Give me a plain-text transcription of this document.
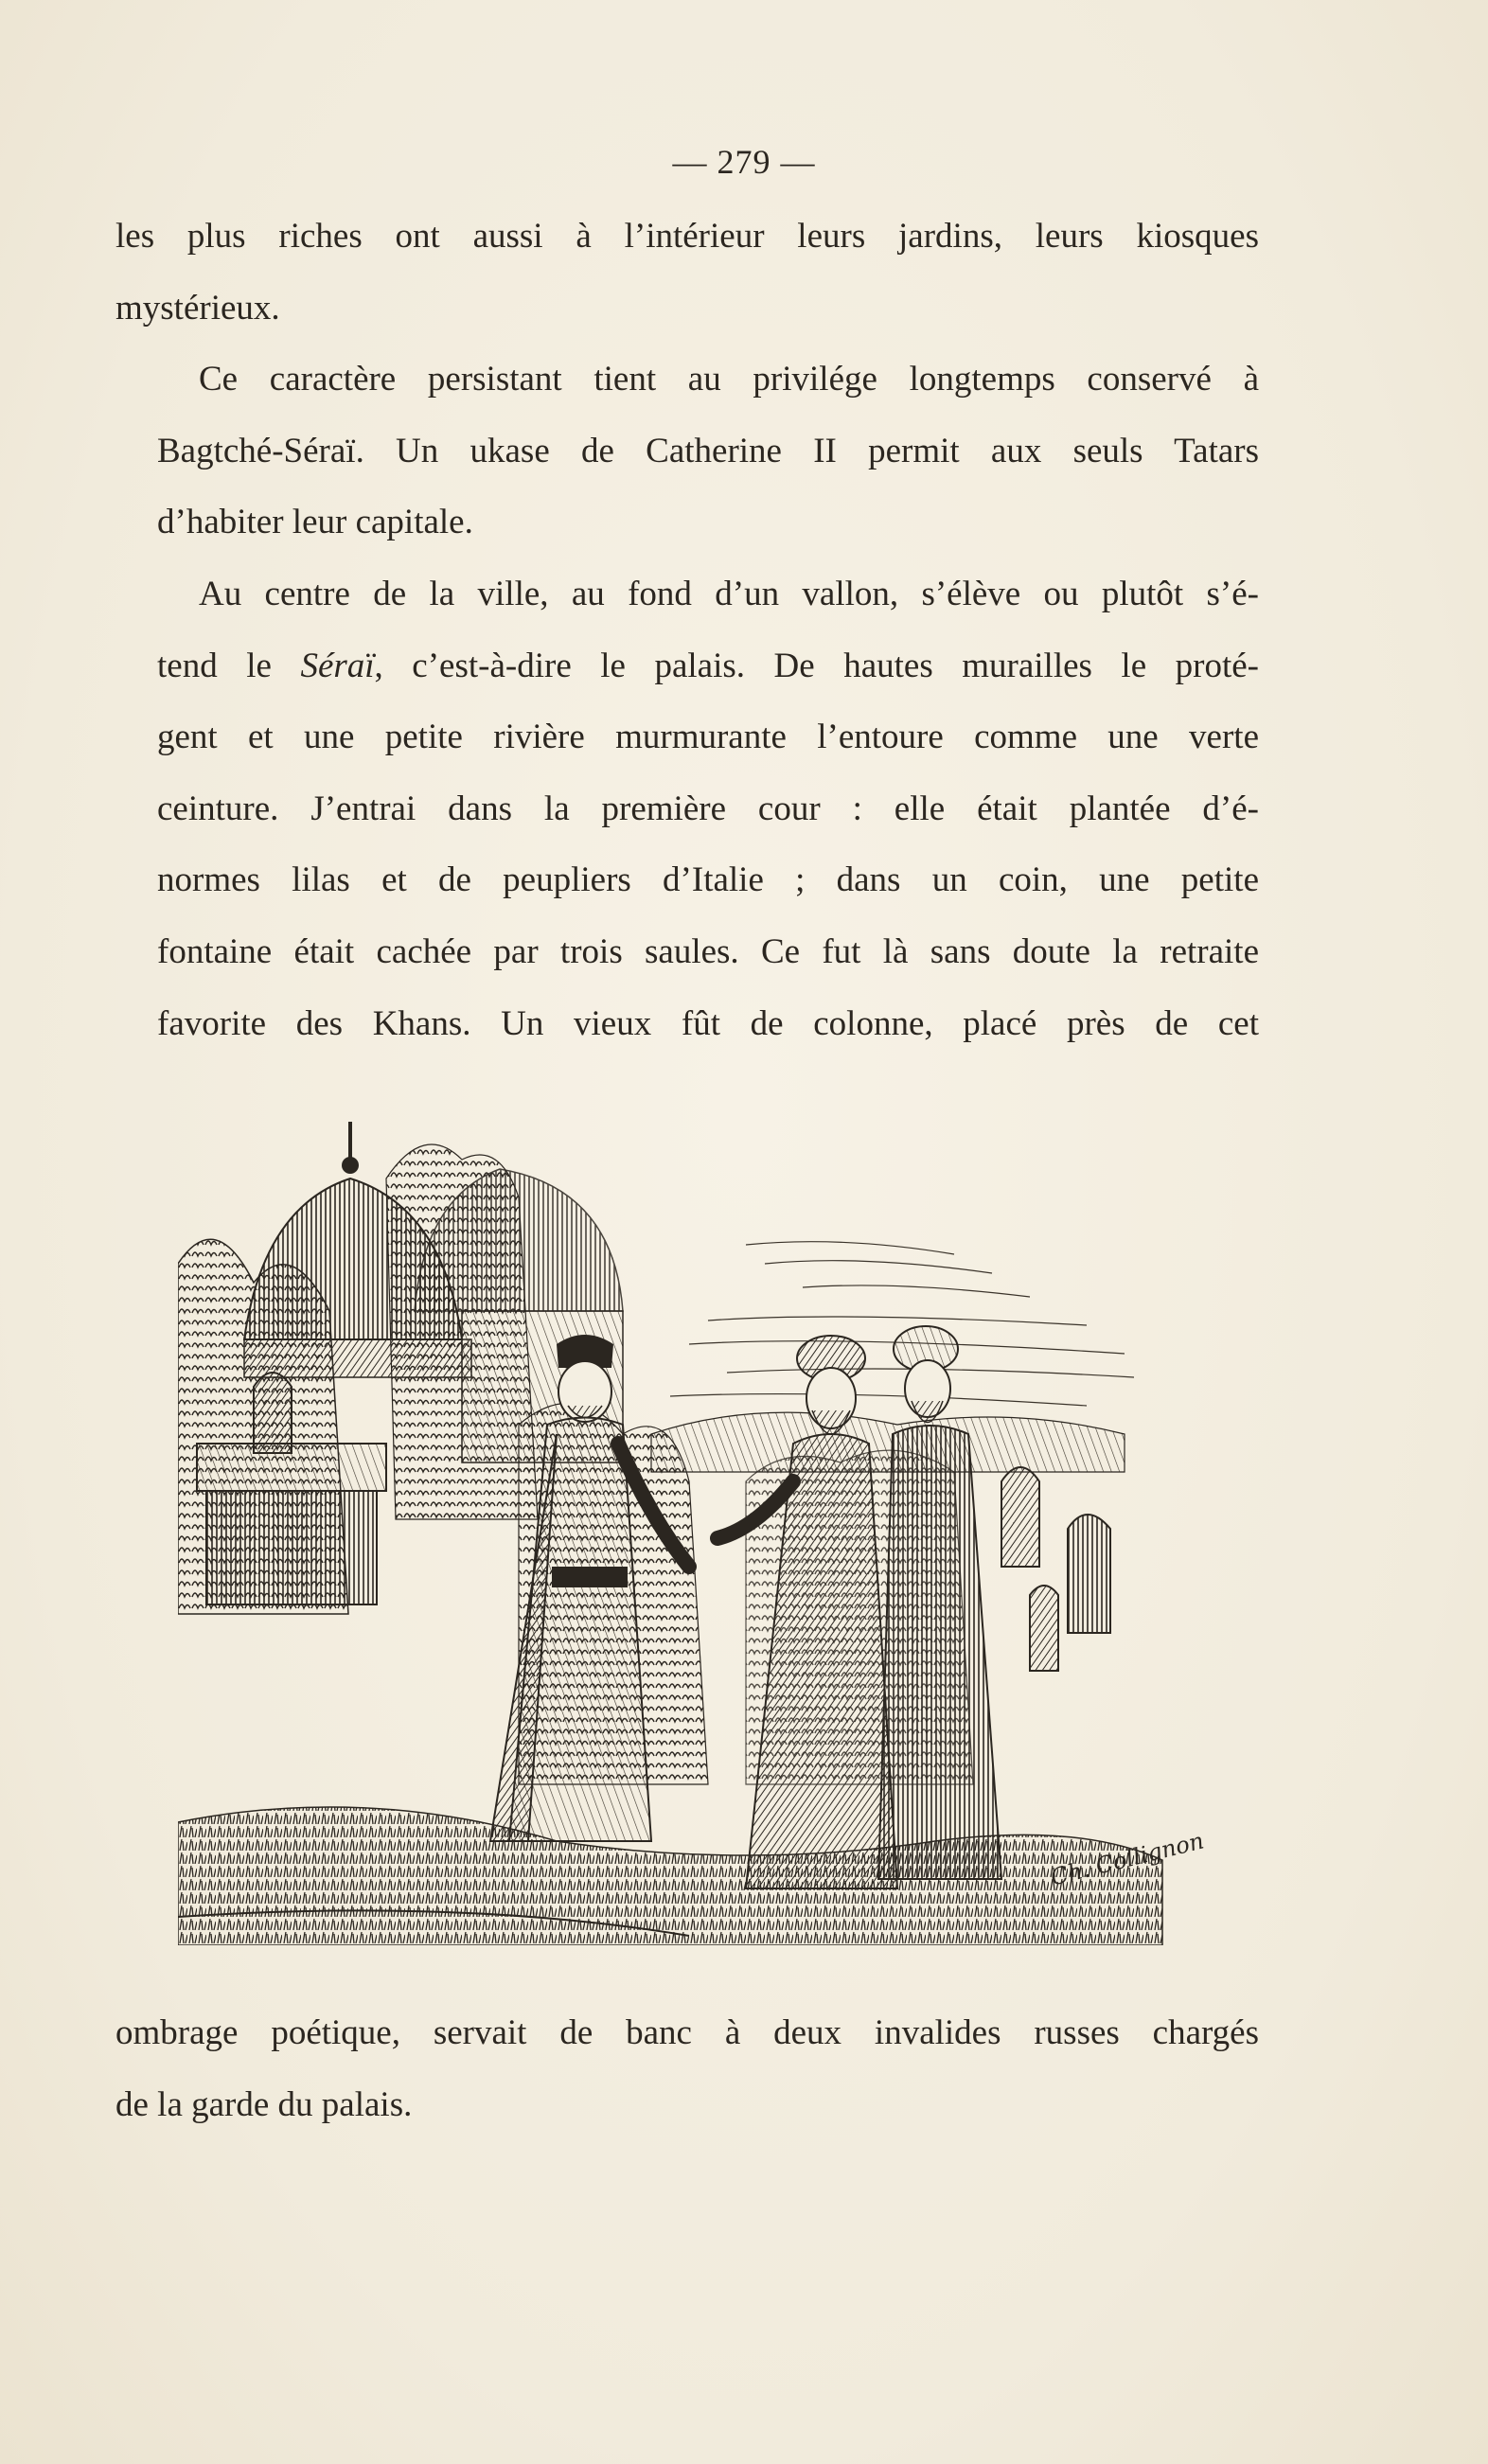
— 279 —

les plus riches ont aussi à l’intérieur leurs jardins, leurs kiosques
mystérieux.

Ce caractère persistant tient au privilége longtemps conservé à
Bagtché-Séraï. Un ukase de Catherine II permit aux seuls Tatars
d’habiter leur capitale.

Au centre de la ville, au fond d’un vallon, s’élève ou plutôt s’é-
tend le Séraï, c’est-à-dire le palais. De hautes murailles le proté-
gent et une petite rivière murmurante l’entoure comme une verte
ceinture. J’entrai dans la première cour : elle était plantée d’é-
normes lilas et de peupliers d’Italie ; dans un coin, une petite
fontaine était cachée par trois saules. Ce fut là sans doute la retraite
favorite des Khans. Un vieux fût de colonne, placé près de cet

Ch. Collignon

ombrage poétique, servait de banc à deux invalides russes chargés
de la garde du palais.
